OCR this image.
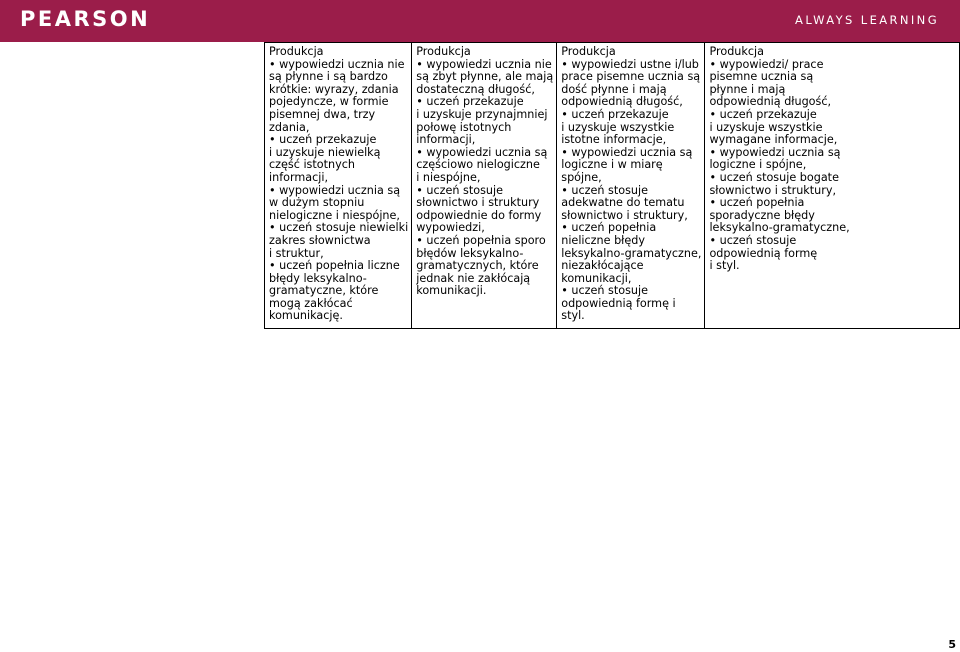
PEARSON	ALWAYS LEARNING
Produkcja
• wypowiedzi ucznia nie
są płynne i są bardzo
krótkie: wyrazy, zdania
pojedyncze, w formie
pisemnej dwa, trzy
zdania,
• uczeń przekazuje
i uzyskuje niewielką
część istotnych
informacji,
• wypowiedzi ucznia są
w dużym stopniu
nielogiczne i niespójne,
• uczeń stosuje niewielki
zakres słownictwa
i struktur,
• uczeń popełnia liczne
błędy leksykalno-
gramatyczne, które
mogą zakłócać
komunikację.

Produkcja
• wypowiedzi ucznia nie
są zbyt płynne, ale mają
dostateczną długość,
• uczeń przekazuje
i uzyskuje przynajmniej
połowę istotnych
informacji,
• wypowiedzi ucznia są
częściowo nielogiczne
i niespójne,
• uczeń stosuje
słownictwo i struktury
odpowiednie do formy
wypowiedzi,
• uczeń popełnia sporo
błędów leksykalno-
gramatycznych, które
jednak nie zakłócają
komunikacji.

Produkcja
• wypowiedzi ustne i/lub
prace pisemne ucznia są
dość płynne i mają
odpowiednią długość,
• uczeń przekazuje
i uzyskuje wszystkie
istotne informacje,
• wypowiedzi ucznia są
logiczne i w miarę
spójne,
• uczeń stosuje
adekwatne do tematu
słownictwo i struktury,
• uczeń popełnia
nieliczne błędy
leksykalno-gramatyczne,
niezakłócające
komunikacji,
• uczeń stosuje
odpowiednią formę i
styl.

Produkcja
• wypowiedzi/ prace
pisemne ucznia są
płynne i mają
odpowiednią długość,
• uczeń przekazuje
i uzyskuje wszystkie
wymagane informacje,
• wypowiedzi ucznia są
logiczne i spójne,
• uczeń stosuje bogate
słownictwo i struktury,
• uczeń popełnia
sporadyczne błędy
leksykalno-gramatyczne,
• uczeń stosuje
odpowiednią formę
i styl.
5
